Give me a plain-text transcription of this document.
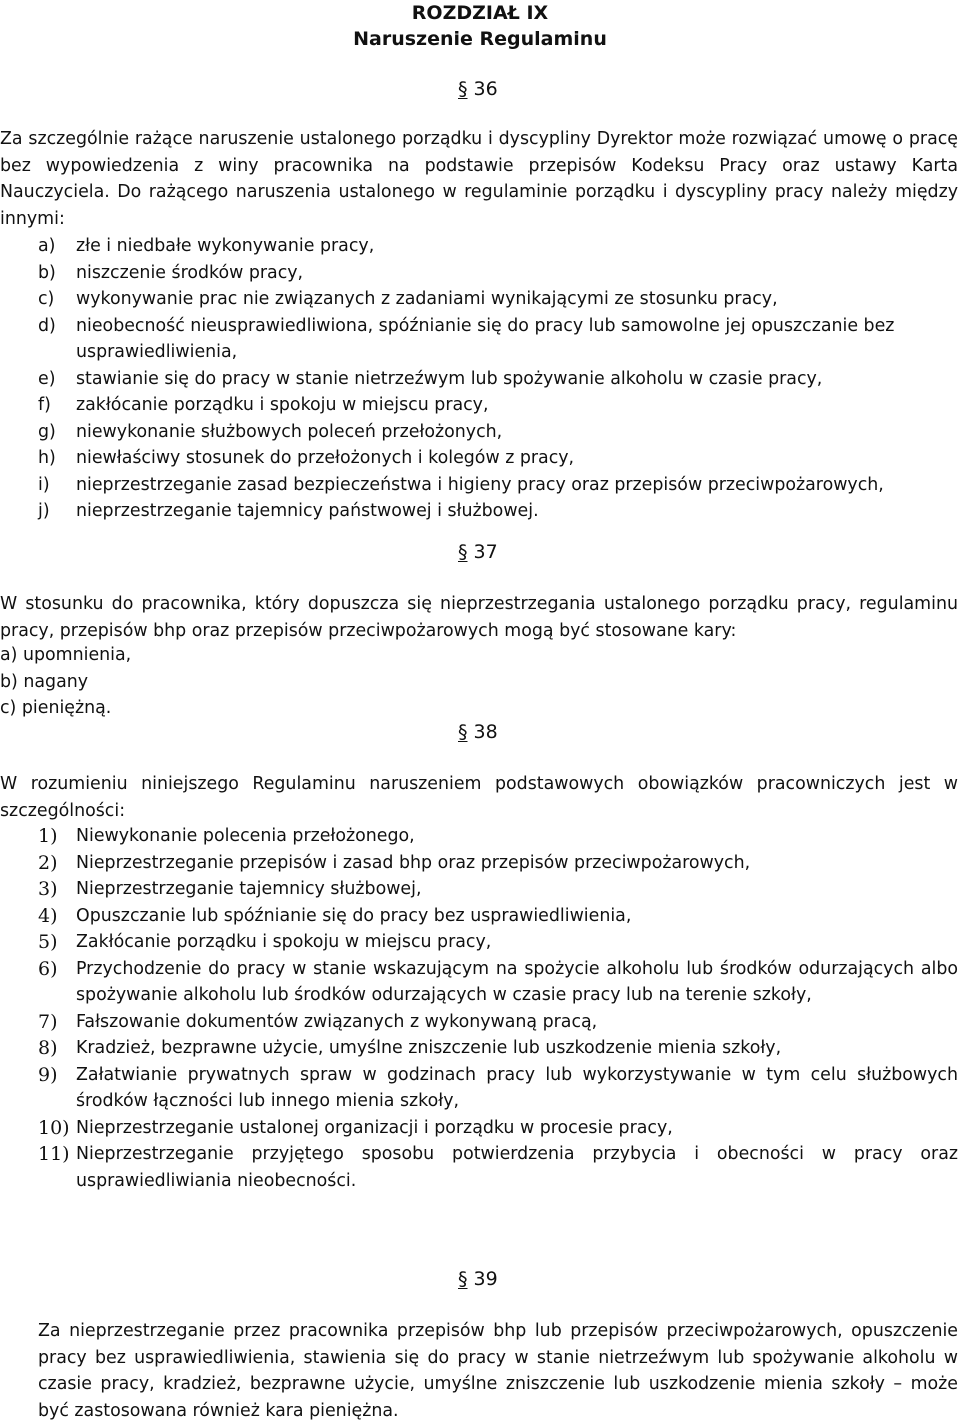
ROZDZIAŁ IX
Naruszenie Regulaminu
§ 36
Za szczególnie rażące naruszenie ustalonego porządku i dyscypliny Dyrektor może rozwiązać umowę o pracę bez wypowiedzenia z winy pracownika na podstawie przepisów Kodeksu Pracy oraz ustawy Karta Nauczyciela. Do rażącego naruszenia ustalonego w regulaminie porządku i dyscypliny pracy należy między innymi:
a) złe i niedbałe wykonywanie pracy,
b) niszczenie środków pracy,
c) wykonywanie prac nie związanych z zadaniami wynikającymi ze stosunku pracy,
d) nieobecność nieusprawiedliwiona, spóźnianie się do pracy lub samowolne jej opuszczanie bez usprawiedliwienia,
e) stawianie się do pracy w stanie nietrzeźwym lub spożywanie alkoholu w czasie pracy,
f) zakłócanie porządku i spokoju w miejscu pracy,
g) niewykonanie służbowych poleceń przełożonych,
h) niewłaściwy stosunek do przełożonych i kolegów z pracy,
i) nieprzestrzeganie zasad bezpieczeństwa i higieny pracy oraz przepisów przeciwpożarowych,
j) nieprzestrzeganie tajemnicy państwowej i służbowej.
§ 37
W stosunku do pracownika, który dopuszcza się nieprzestrzegania ustalonego porządku pracy, regulaminu pracy, przepisów bhp oraz przepisów przeciwpożarowych mogą być stosowane kary:
a) upomnienia,
b) nagany
c) pieniężną.
§ 38
W rozumieniu niniejszego Regulaminu naruszeniem podstawowych obowiązków pracowniczych jest w szczególności:
1) Niewykonanie polecenia przełożonego,
2) Nieprzestrzeganie przepisów i zasad bhp oraz przepisów przeciwpożarowych,
3) Nieprzestrzeganie tajemnicy służbowej,
4) Opuszczanie lub spóźnianie się do pracy bez usprawiedliwienia,
5) Zakłócanie porządku i spokoju w miejscu pracy,
6) Przychodzenie do pracy w stanie wskazującym na spożycie alkoholu lub środków odurzających albo spożywanie alkoholu lub środków odurzających w czasie pracy lub na terenie szkoły,
7) Fałszowanie dokumentów związanych z wykonywaną pracą,
8) Kradzież, bezprawne użycie, umyślne zniszczenie lub uszkodzenie mienia szkoły,
9) Załatwianie prywatnych spraw w godzinach pracy lub wykorzystywanie w tym celu służbowych środków łączności lub innego mienia szkoły,
10) Nieprzestrzeganie ustalonej organizacji i porządku w procesie pracy,
11) Nieprzestrzeganie przyjętego sposobu potwierdzenia przybycia i obecności w pracy oraz usprawiedliwiania nieobecności.
§ 39
Za nieprzestrzeganie przez pracownika przepisów bhp lub przepisów przeciwpożarowych, opuszczenie pracy bez usprawiedliwienia, stawienia się do pracy w stanie nietrzeźwym lub spożywanie alkoholu w czasie pracy, kradzież, bezprawne użycie, umyślne zniszczenie lub uszkodzenie mienia szkoły – może być zastosowana również kara pieniężna.
